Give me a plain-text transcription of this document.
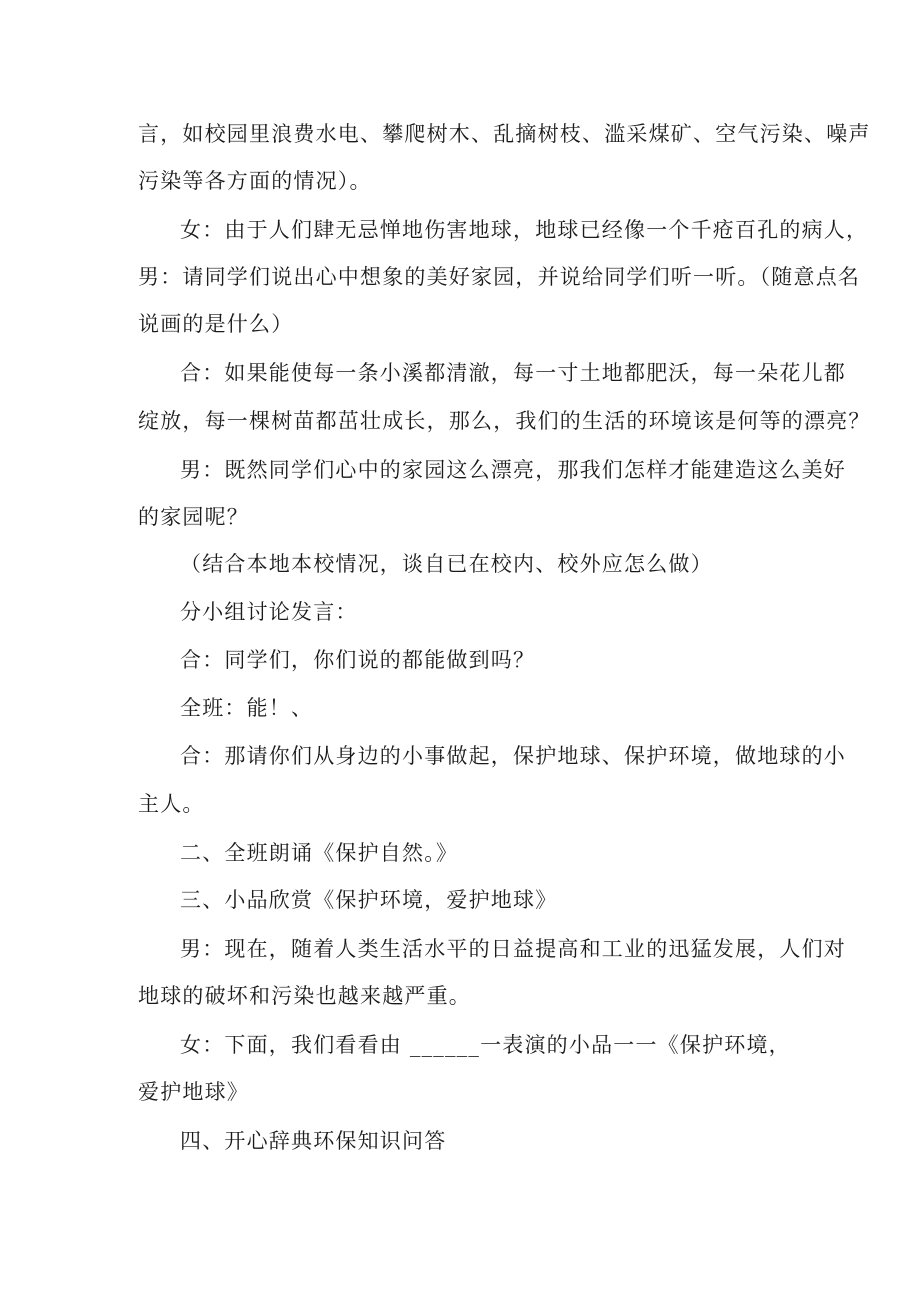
言，如校园里浪费水电、攀爬树木、乱摘树枝、滥采煤矿、空气污染、噪声
污染等各方面的情况）。
女：由于人们肆无忌惮地伤害地球，地球已经像一个千疮百孔的病人，
男：请同学们说出心中想象的美好家园，并说给同学们听一听。（随意点名
说画的是什么）
合：如果能使每一条小溪都清澈，每一寸土地都肥沃，每一朵花儿都
绽放，每一棵树苗都茁壮成长，那么，我们的生活的环境该是何等的漂亮？
男：既然同学们心中的家园这么漂亮，那我们怎样才能建造这么美好
的家园呢？
（结合本地本校情况，谈自已在校内、校外应怎么做）
分小组讨论发言：
合：同学们，你们说的都能做到吗？
全班：能！、
合：那请你们从身边的小事做起，保护地球、保护环境，做地球的小
主人。
二、全班朗诵《保护自然。》
三、小品欣赏《保护环境，爱护地球》
男：现在，随着人类生活水平的日益提高和工业的迅猛发展，人们对
地球的破坏和污染也越来越严重。
女：下面，我们看看由 ______一表演的小品一一《保护环境，
爱护地球》
四、开心辞典环保知识问答
